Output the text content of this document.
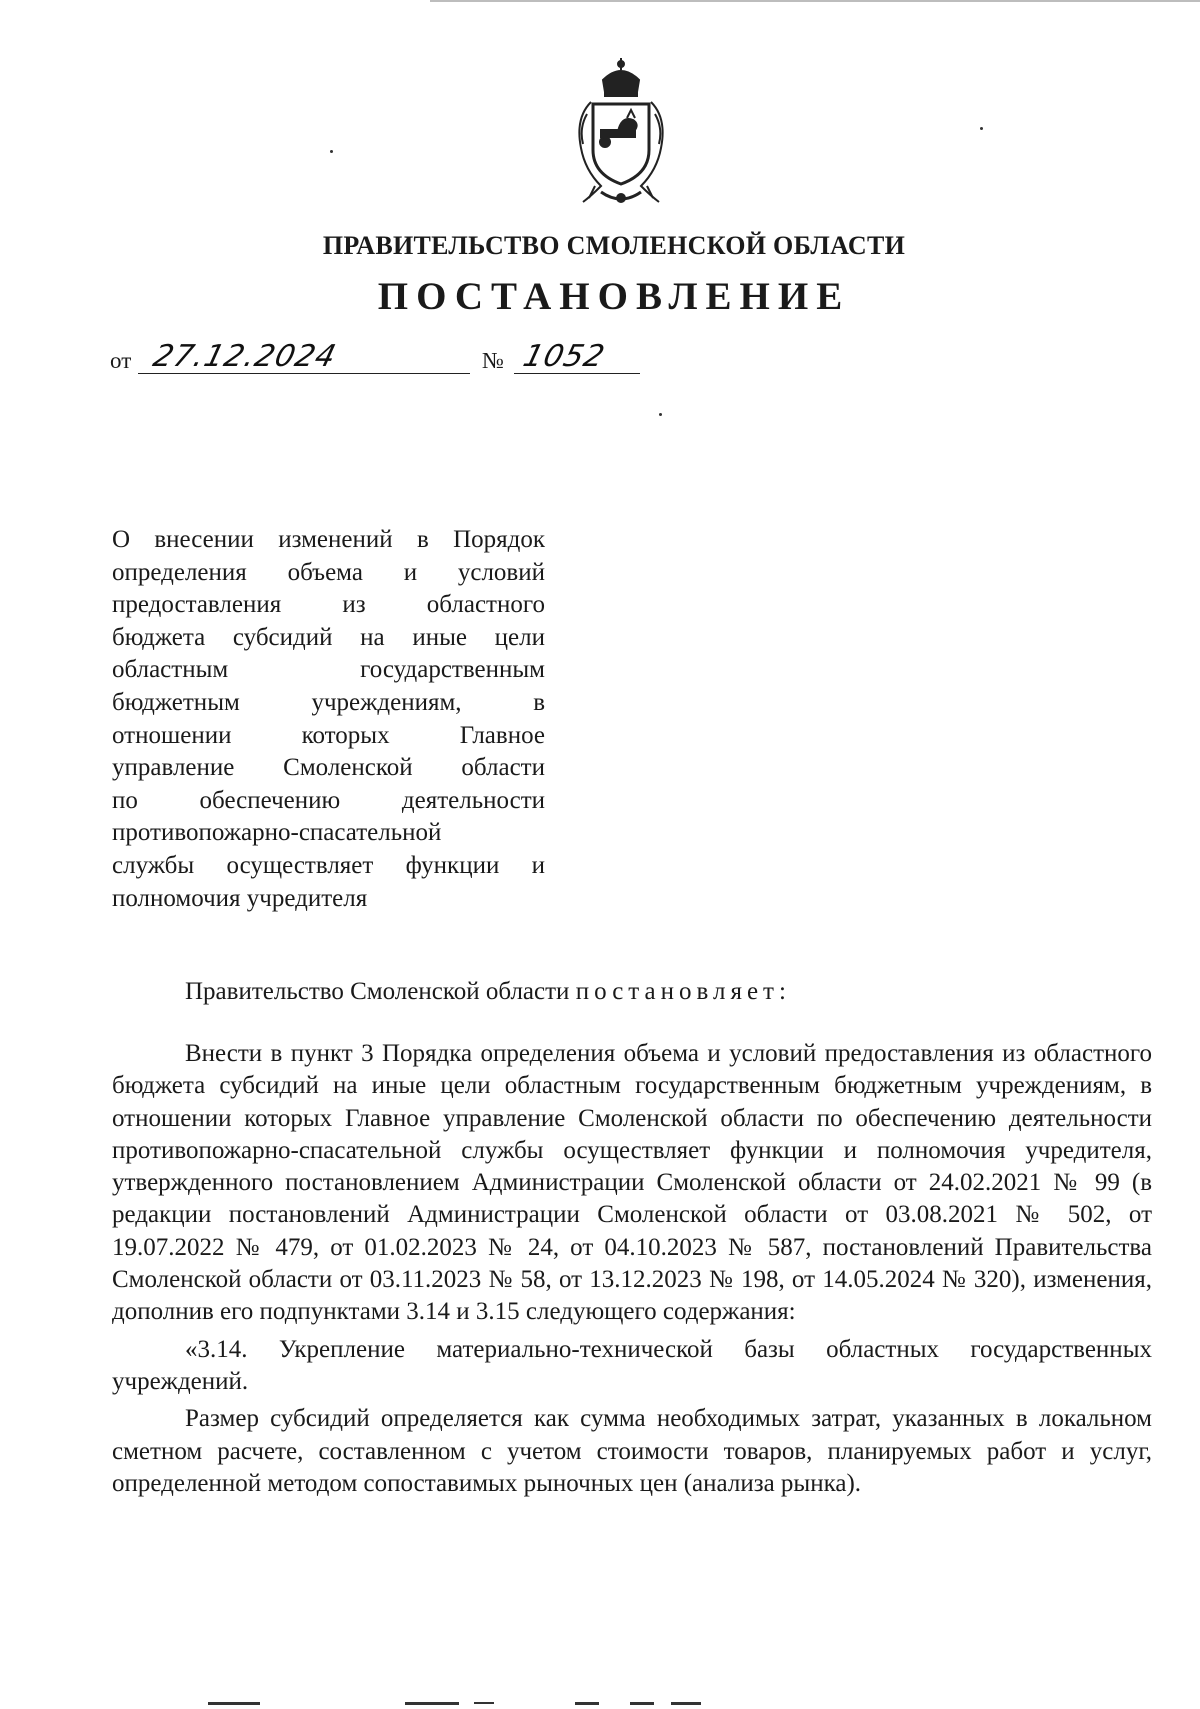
ПРАВИТЕЛЬСТВО СМОЛЕНСКОЙ ОБЛАСТИ
ПОСТАНОВЛЕНИЕ
от 27.12.2024	№ 1052
О внесении изменений в Порядок
определения объема и условий
предоставления из областного
бюджета субсидий на иные цели
областным государственным
бюджетным учреждениям, в
отношении которых Главное
управление Смоленской области
по обеспечению деятельности
противопожарно-спасательной
службы осуществляет функции и
полномочия учредителя
Правительство Смоленской области постановляет:

Внести в пункт 3 Порядка определения объема и условий предоставления из областного бюджета субсидий на иные цели областным государственным бюджетным учреждениям, в отношении которых Главное управление Смоленской области по обеспечению деятельности противопожарно-спасательной службы осуществляет функции и полномочия учредителя, утвержденного постановлением Администрации Смоленской области от 24.02.2021 № 99 (в редакции постановлений Администрации Смоленской области от 03.08.2021 № 502, от 19.07.2022 № 479, от 01.02.2023 № 24, от 04.10.2023 № 587, постановлений Правительства Смоленской области от 03.11.2023 № 58, от 13.12.2023 № 198, от 14.05.2024 № 320), изменения, дополнив его подпунктами 3.14 и 3.15 следующего содержания:

«3.14. Укрепление материально-технической базы областных государственных учреждений.

Размер субсидий определяется как сумма необходимых затрат, указанных в локальном сметном расчете, составленном с учетом стоимости товаров, планируемых работ и услуг, определенной методом сопоставимых рыночных цен (анализа рынка).
